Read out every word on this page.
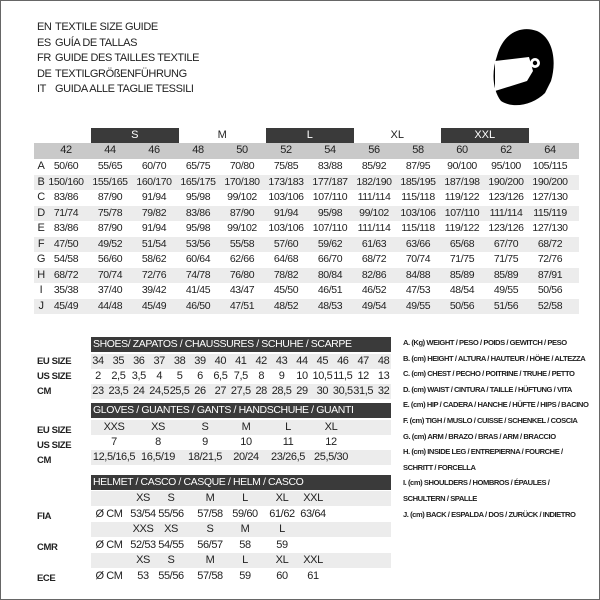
EN TEXTILE SIZE GUIDE
ES GUÍA DE TALLAS
FR GUIDE DES TAILLES TEXTILE
DE TEXTILGRÖßENFÜHRUNG
IT GUIDA ALLE TAGLIE TESSILI
S	M	L	XL	XXL
42	44	46	48	50	52	54	56	58	60	62	64
A 50/60	55/65	60/70	65/75	70/80	75/85	83/88	85/92	87/95	90/100	95/100	105/115
B 150/160 155/165 160/170 165/175 170/180 173/183 177/187 182/190 185/195 187/198 190/200 190/200
C 83/86	87/90	91/94	95/98	99/102	103/106 107/110 111/114	115/118 119/122 123/126 127/130
D 71/74	75/78	79/82	83/86	87/90	91/94	95/98	99/102	103/106 107/110 111/114	115/119
E 83/86	87/90	91/94	95/98	99/102	103/106 107/110 111/114	115/118 119/122 123/126 127/130
F 47/50	49/52	51/54	53/56	55/58	57/60	59/62	61/63	63/66	65/68	67/70	68/72
G 54/58	56/60	58/62	60/64	62/66	64/68	66/70	68/72	70/74	71/75	71/75	72/76
H 68/72	70/74	72/76	74/78	76/80	78/82	80/84	82/86	84/88	85/89	85/89	87/91
I	35/38	37/40	39/42	41/45	43/47	45/50	46/51	46/52	47/53	48/54	49/55	50/56
J 45/49	44/48	45/49	46/50	47/51	48/52	48/53	49/54	49/55	50/56	51/56	52/58
SHOES/ ZAPATOS / CHAUSSURES / SCHUHE / SCARPE
EU SIZE	34 35 36 37 38 39 40 41 42 43 44 45 46 47 48
US SIZE	2 2,5 3,5 4	5	6 6,5 7,5 8	9	10 10,5 11,5 12 13
CM	23 23,5 24 24,5 25,5 26 27 27,5 28 28,5 29 30 30,5 31,5 32
GLOVES / GUANTES / GANTS / HANDSCHUHE / GUANTI
EU SIZE	XXS	XS	S	M	L	XL
US SIZE	7	8	9	10	11	12
CM	12,5/16,5 16,5/19	18/21,5	20/24	23/26,5 25,5/30
HELMET / CASCO / CASQUE / HELM / CASCO
XS	S	M	L	XL	XXL
FIA	Ø CM 53/54 55/56	57/58 59/60	61/62 63/64
XXS XS	S	M	L
CMR	Ø CM 52/53 54/55	56/57	58	59
XS	S	M	L	XL	XXL
ECE	Ø CM	53 55/56	57/58	59	60	61
A. (Kg) WEIGHT / PESO / POIDS / GEWITCH / PESO
B. (cm) HEIGHT / ALTURA / HAUTEUR / HÖHE / ALTEZZA
C. (cm) CHEST / PECHO / POITRINE / TRUHE / PETTO
D. (cm) WAIST / CINTURA / TAILLE / HÜFTUNG / VITA
E. (cm) HIP / CADERA / HANCHE / HÜFTE / HIPS / BACINO
F. (cm) TIGH / MUSLO / CUISSE / SCHENKEL / COSCIA
G. (cm) ARM / BRAZO / BRAS / ARM / BRACCIO
H. (cm) INSIDE LEG / ENTREPIERNA / FOURCHE /
SCHRITT / FORCELLA
I. (cm) SHOULDERS / HOMBROS / ÉPAULES /
SCHULTERN / SPALLE
J. (cm) BACK / ESPALDA / DOS / ZURÜCK / INDIETRO
